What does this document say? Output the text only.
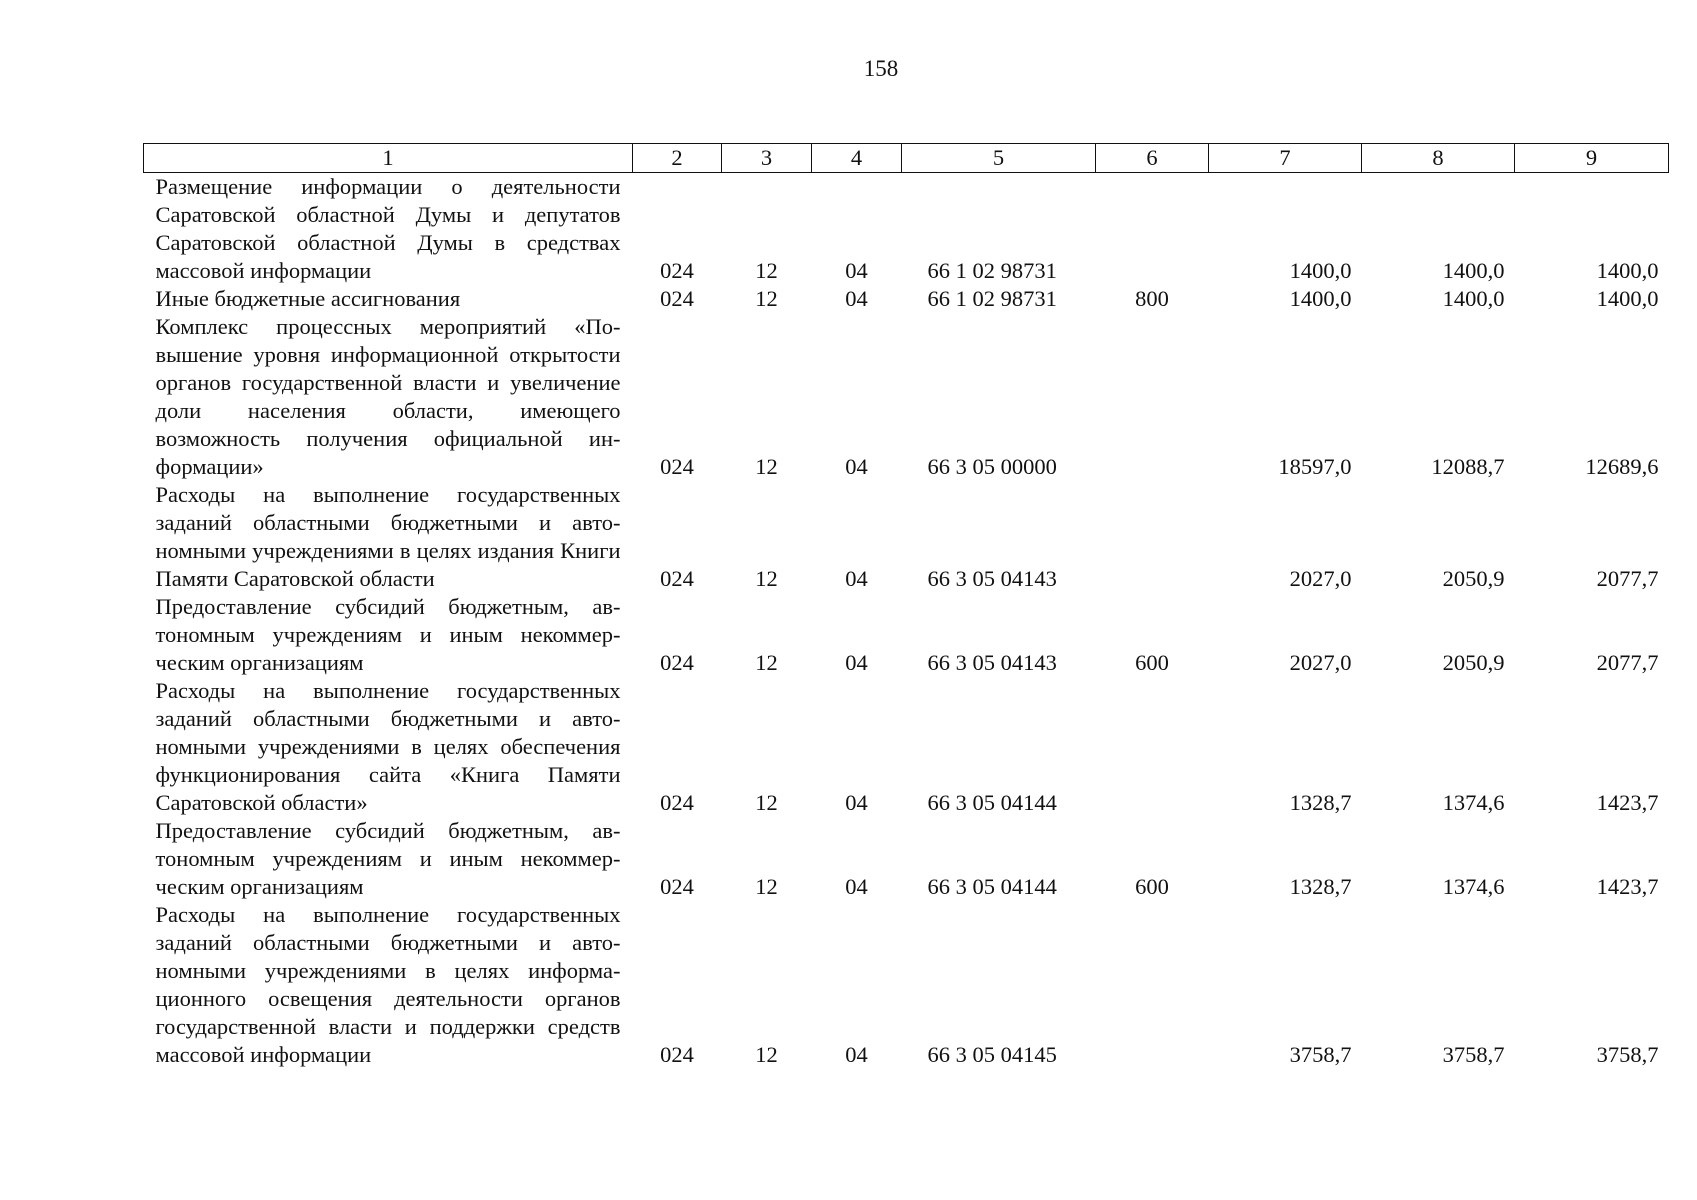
158
1	2	3	4	5	6	7	8	9
Размещение информации о деятельности Саратовской областной Думы и депутатов Саратовской областной Думы в средствах массовой информации	024	12	04	66 1 02 98731		1400,0	1400,0	1400,0
Иные бюджетные ассигнования	024	12	04	66 1 02 98731	800	1400,0	1400,0	1400,0
Комплекс процессных мероприятий «Повышение уровня информационной открытости органов государственной власти и увеличение доли населения области, имеющего возможность получения официальной информации»	024	12	04	66 3 05 00000		18597,0	12088,7	12689,6
Расходы на выполнение государственных заданий областными бюджетными и автономными учреждениями в целях издания Книги Памяти Саратовской области	024	12	04	66 3 05 04143		2027,0	2050,9	2077,7
Предоставление субсидий бюджетным, автономным учреждениям и иным некоммерческим организациям	024	12	04	66 3 05 04143	600	2027,0	2050,9	2077,7
Расходы на выполнение государственных заданий областными бюджетными и автономными учреждениями в целях обеспечения функционирования сайта «Книга Памяти Саратовской области»	024	12	04	66 3 05 04144		1328,7	1374,6	1423,7
Предоставление субсидий бюджетным, автономным учреждениям и иным некоммерческим организациям	024	12	04	66 3 05 04144	600	1328,7	1374,6	1423,7
Расходы на выполнение государственных заданий областными бюджетными и автономными учреждениями в целях информационного освещения деятельности органов государственной власти и поддержки средств массовой информации	024	12	04	66 3 05 04145		3758,7	3758,7	3758,7
